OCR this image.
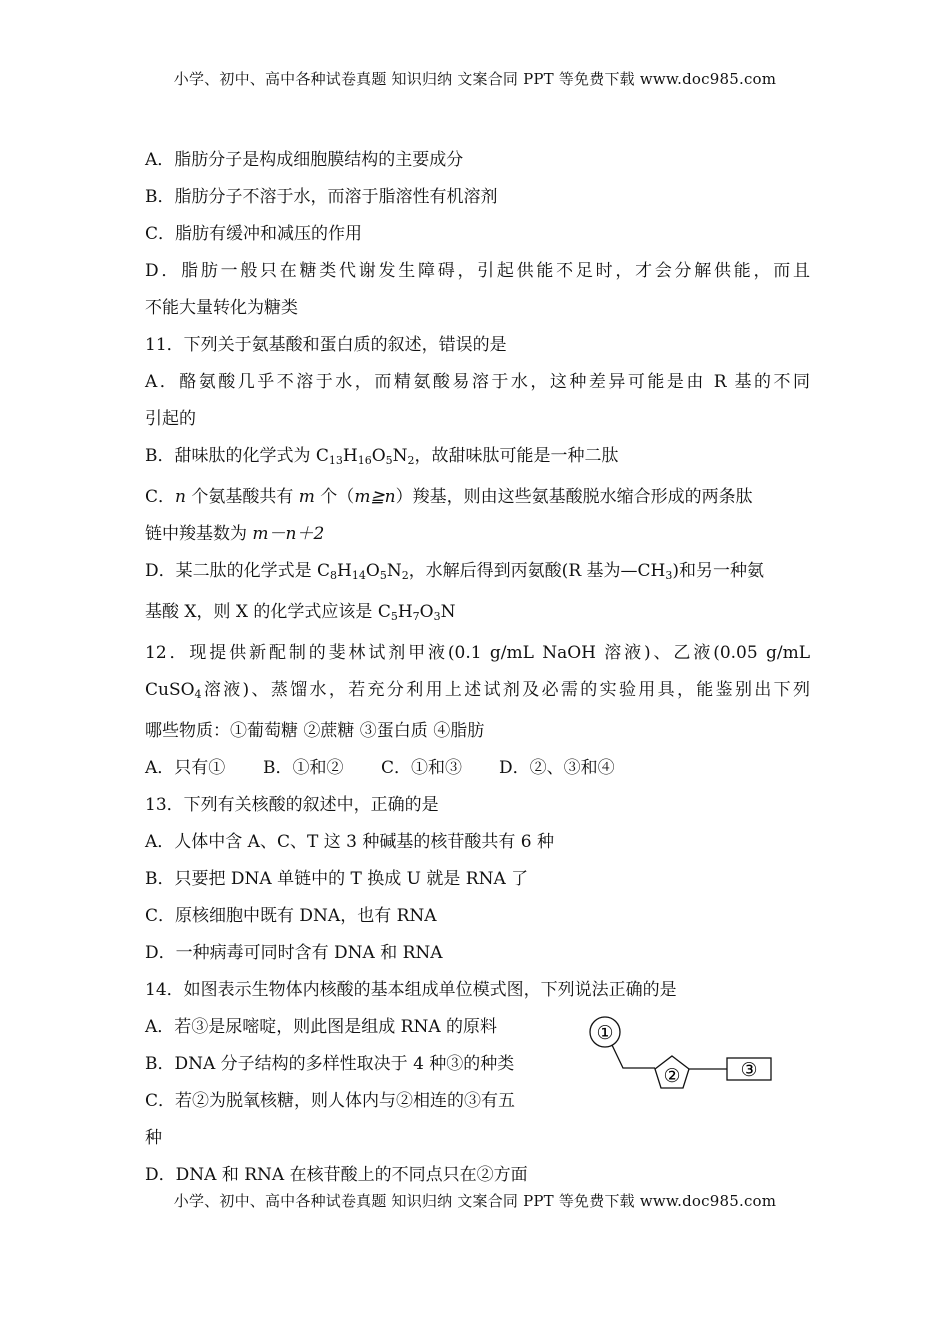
小学、初中、高中各种试卷真题 知识归纳 文案合同 PPT 等免费下载 www.doc985.com
A．脂肪分子是构成细胞膜结构的主要成分
B．脂肪分子不溶于水，而溶于脂溶性有机溶剂
C．脂肪有缓冲和减压的作用
D．脂肪一般只在糖类代谢发生障碍，引起供能不足时，才会分解供能，而且
不能大量转化为糖类
11．下列关于氨基酸和蛋白质的叙述，错误的是
A．酪氨酸几乎不溶于水，而精氨酸易溶于水，这种差异可能是由 R 基的不同
引起的
B．甜味肽的化学式为 $C_{13}H_{16}O_5N_2$，故甜味肽可能是一种二肽
C．n 个氨基酸共有 m 个（m≧n）羧基，则由这些氨基酸脱水缩合形成的两条肽
链中羧基数为 m－n＋2
D．某二肽的化学式是 $C_8H_{14}O_5N_2$，水解后得到丙氨酸(R 基为$—CH_3$)和另一种氨
基酸 X，则 X 的化学式应该是 $C_5H_7O_3N$
12．现提供新配制的斐林试剂甲液(0.1 g/mL NaOH 溶液)、乙液(0.05 g/mL
CuSO$_4$溶液)、蒸馏水，若充分利用上述试剂及必需的实验用具，能鉴别出下列
哪些物质：①葡萄糖 ②蔗糖 ③蛋白质 ④脂肪
A．只有① B．①和② C．①和③ D．②、③和④
13．下列有关核酸的叙述中，正确的是
A．人体中含 A、C、T 这 3 种碱基的核苷酸共有 6 种
B．只要把 DNA 单链中的 T 换成 U 就是 RNA 了
C．原核细胞中既有 DNA，也有 RNA
D．一种病毒可同时含有 DNA 和 RNA
14．如图表示生物体内核酸的基本组成单位模式图，下列说法正确的是
A．若③是尿嘧啶，则此图是组成 RNA 的原料
B．DNA 分子结构的多样性取决于 4 种③的种类
C．若②为脱氧核糖，则人体内与②相连的③有五
种
D．DNA 和 RNA 在核苷酸上的不同点只在②方面
①
②	③
小学、初中、高中各种试卷真题 知识归纳 文案合同 PPT 等免费下载 www.doc985.com
